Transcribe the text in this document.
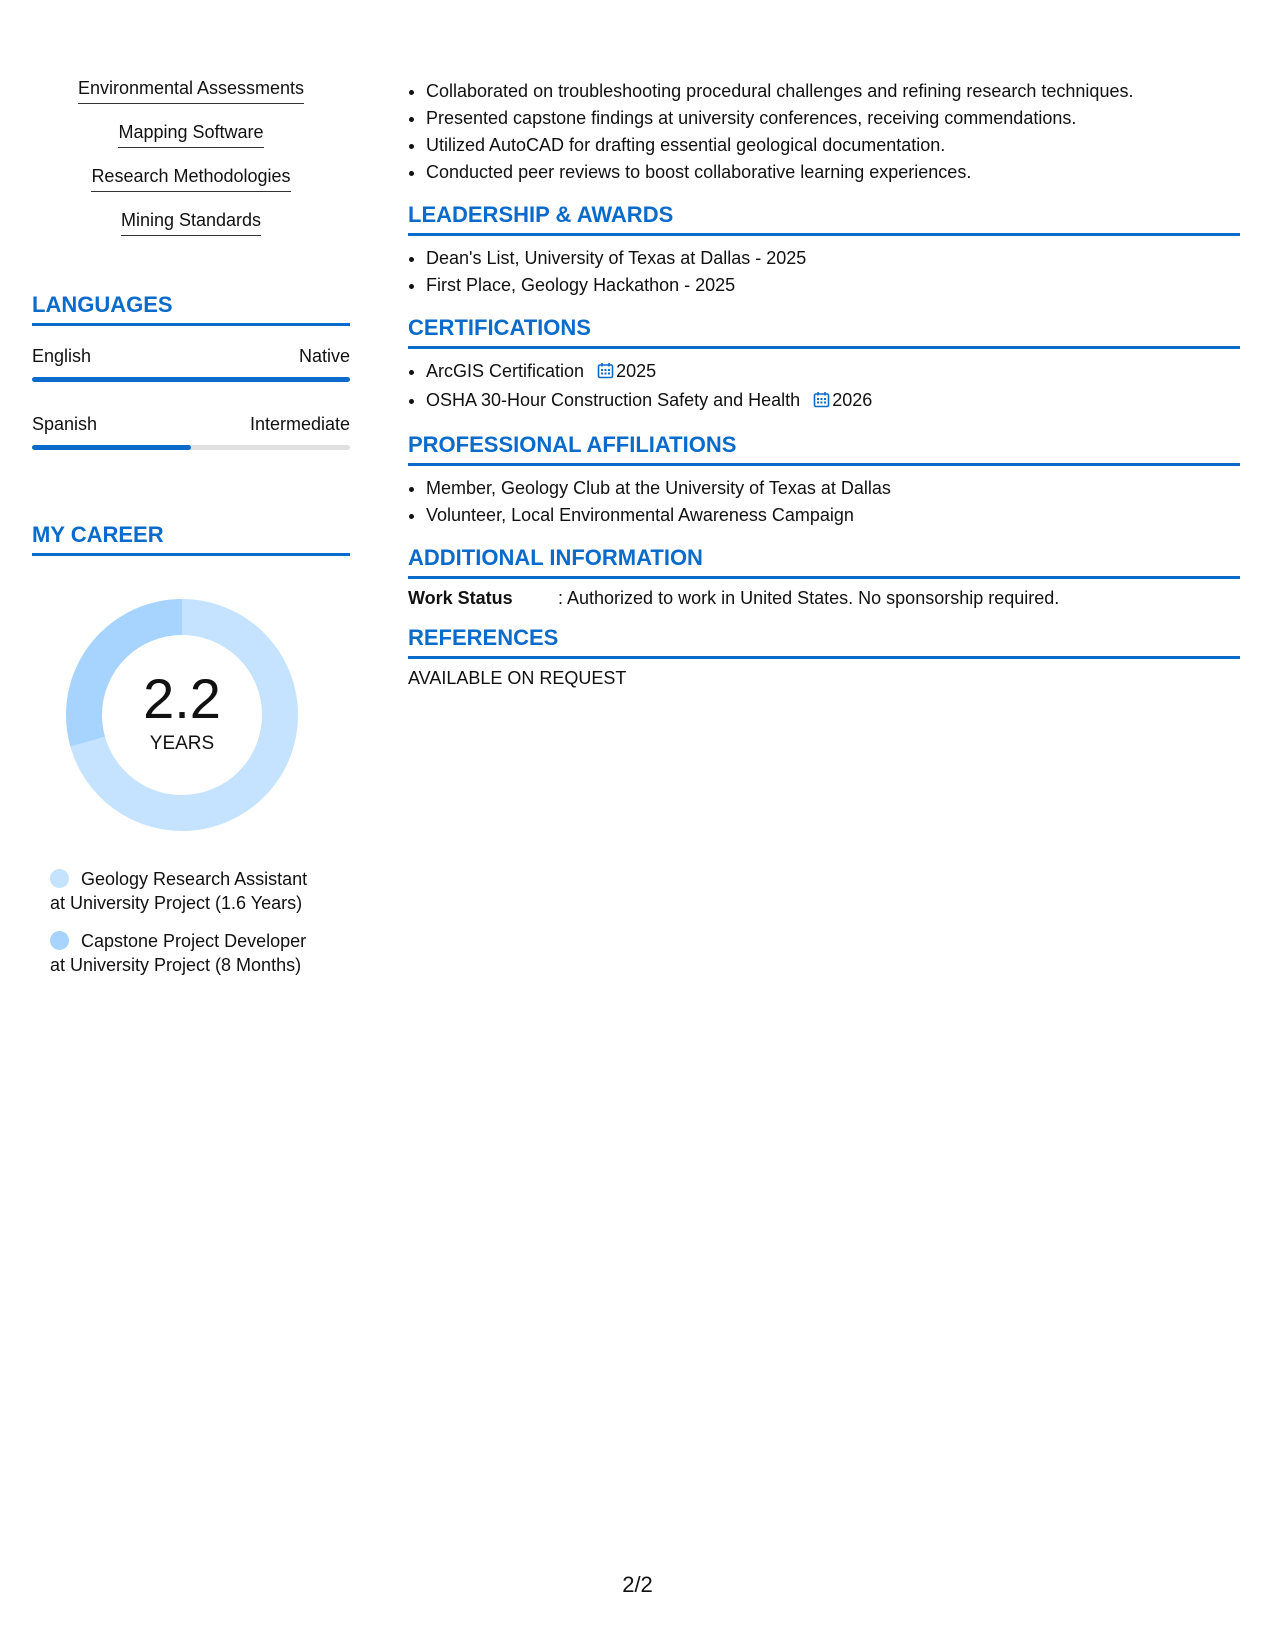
Environmental Assessments
Mapping Software
Research Methodologies
Mining Standards
LANGUAGES
English	Native
Spanish	Intermediate
MY CAREER
2.2
YEARS
Geology Research Assistant
at University Project (1.6 Years)
Capstone Project Developer
at University Project (8 Months)
• Collaborated on troubleshooting procedural challenges and refining research techniques.
• Presented capstone findings at university conferences, receiving commendations.
• Utilized AutoCAD for drafting essential geological documentation.
• Conducted peer reviews to boost collaborative learning experiences.
LEADERSHIP & AWARDS
• Dean's List, University of Texas at Dallas - 2025
• First Place, Geology Hackathon - 2025
CERTIFICATIONS
• ArcGIS Certification 2025
• OSHA 30-Hour Construction Safety and Health 2026
PROFESSIONAL AFFILIATIONS
• Member, Geology Club at the University of Texas at Dallas
• Volunteer, Local Environmental Awareness Campaign
ADDITIONAL INFORMATION
Work Status	: Authorized to work in United States. No sponsorship required.
REFERENCES
AVAILABLE ON REQUEST
2/2
